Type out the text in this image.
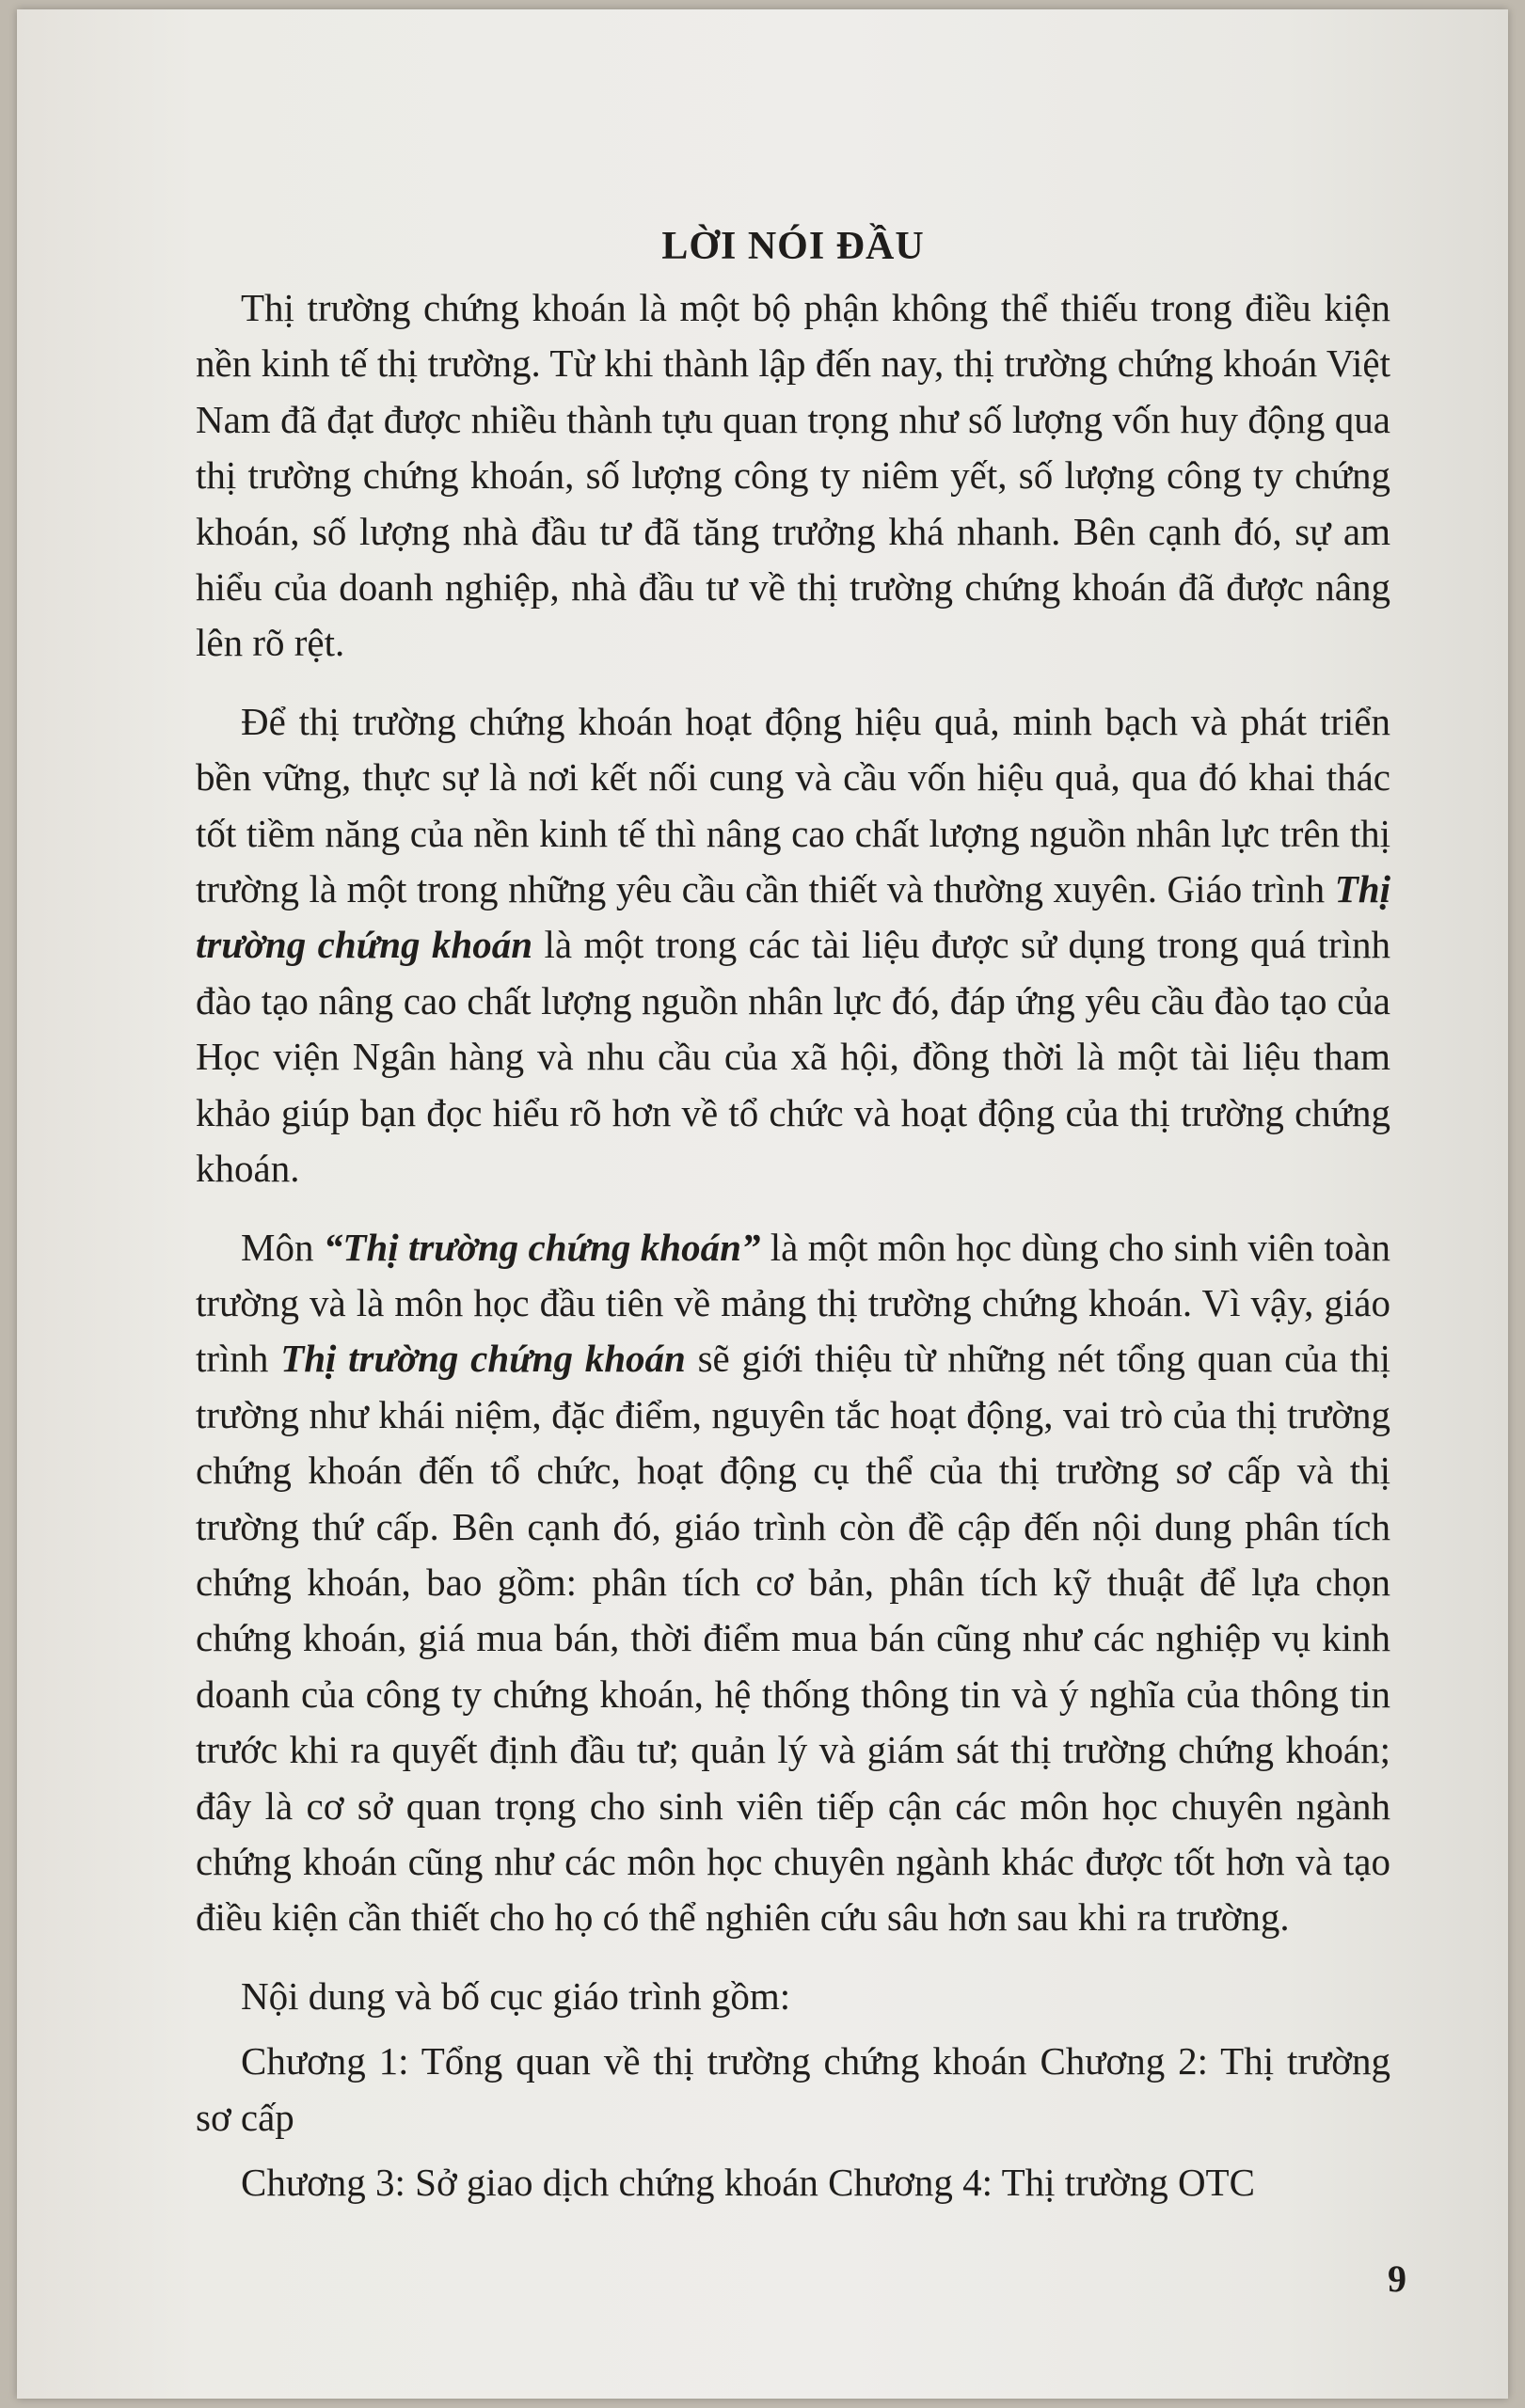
LỜI NÓI ĐẦU

Thị trường chứng khoán là một bộ phận không thể thiếu trong điều kiện nền kinh tế thị trường. Từ khi thành lập đến nay, thị trường chứng khoán Việt Nam đã đạt được nhiều thành tựu quan trọng như số lượng vốn huy động qua thị trường chứng khoán, số lượng công ty niêm yết, số lượng công ty chứng khoán, số lượng nhà đầu tư đã tăng trưởng khá nhanh. Bên cạnh đó, sự am hiểu của doanh nghiệp, nhà đầu tư về thị trường chứng khoán đã được nâng lên rõ rệt.

Để thị trường chứng khoán hoạt động hiệu quả, minh bạch và phát triển bền vững, thực sự là nơi kết nối cung và cầu vốn hiệu quả, qua đó khai thác tốt tiềm năng của nền kinh tế thì nâng cao chất lượng nguồn nhân lực trên thị trường là một trong những yêu cầu cần thiết và thường xuyên. Giáo trình Thị trường chứng khoán là một trong các tài liệu được sử dụng trong quá trình đào tạo nâng cao chất lượng nguồn nhân lực đó, đáp ứng yêu cầu đào tạo của Học viện Ngân hàng và nhu cầu của xã hội, đồng thời là một tài liệu tham khảo giúp bạn đọc hiểu rõ hơn về tổ chức và hoạt động của thị trường chứng khoán.

Môn “Thị trường chứng khoán” là một môn học dùng cho sinh viên toàn trường và là môn học đầu tiên về mảng thị trường chứng khoán. Vì vậy, giáo trình Thị trường chứng khoán sẽ giới thiệu từ những nét tổng quan của thị trường như khái niệm, đặc điểm, nguyên tắc hoạt động, vai trò của thị trường chứng khoán đến tổ chức, hoạt động cụ thể của thị trường sơ cấp và thị trường thứ cấp. Bên cạnh đó, giáo trình còn đề cập đến nội dung phân tích chứng khoán, bao gồm: phân tích cơ bản, phân tích kỹ thuật để lựa chọn chứng khoán, giá mua bán, thời điểm mua bán cũng như các nghiệp vụ kinh doanh của công ty chứng khoán, hệ thống thông tin và ý nghĩa của thông tin trước khi ra quyết định đầu tư; quản lý và giám sát thị trường chứng khoán; đây là cơ sở quan trọng cho sinh viên tiếp cận các môn học chuyên ngành chứng khoán cũng như các môn học chuyên ngành khác được tốt hơn và tạo điều kiện cần thiết cho họ có thể nghiên cứu sâu hơn sau khi ra trường.

Nội dung và bố cục giáo trình gồm:

Chương 1: Tổng quan về thị trường chứng khoán Chương 2: Thị trường sơ cấp

Chương 3: Sở giao dịch chứng khoán Chương 4: Thị trường OTC

9
